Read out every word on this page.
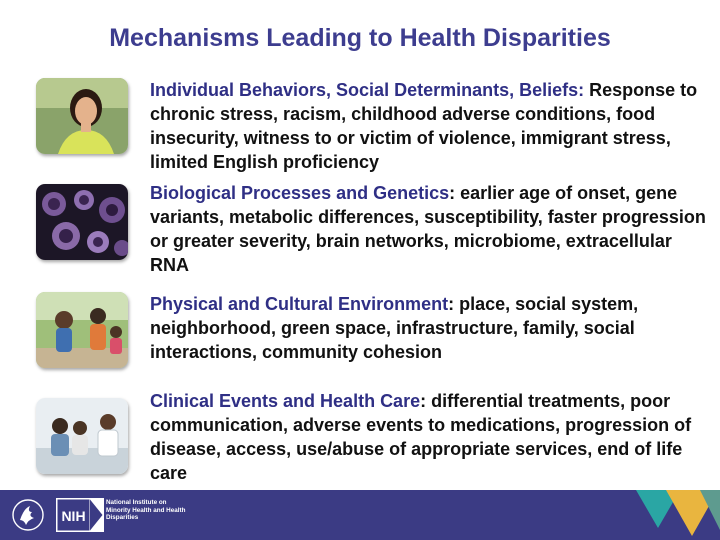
Mechanisms Leading to Health Disparities
Individual Behaviors, Social Determinants, Beliefs: Response to chronic stress, racism, childhood adverse conditions, food insecurity, witness to or victim of violence, immigrant stress, limited English proficiency
Biological Processes and Genetics: earlier age of onset, gene variants, metabolic differences, susceptibility, faster progression or greater severity, brain networks, microbiome, extracellular RNA
Physical and Cultural Environment: place, social system, neighborhood, green space, infrastructure, family, social interactions, community cohesion
Clinical Events and Health Care: differential treatments, poor communication, adverse events to medications, progression of disease, access, use/abuse of appropriate services, end of life care
NIH
National Institute on Minority Health and Health Disparities
